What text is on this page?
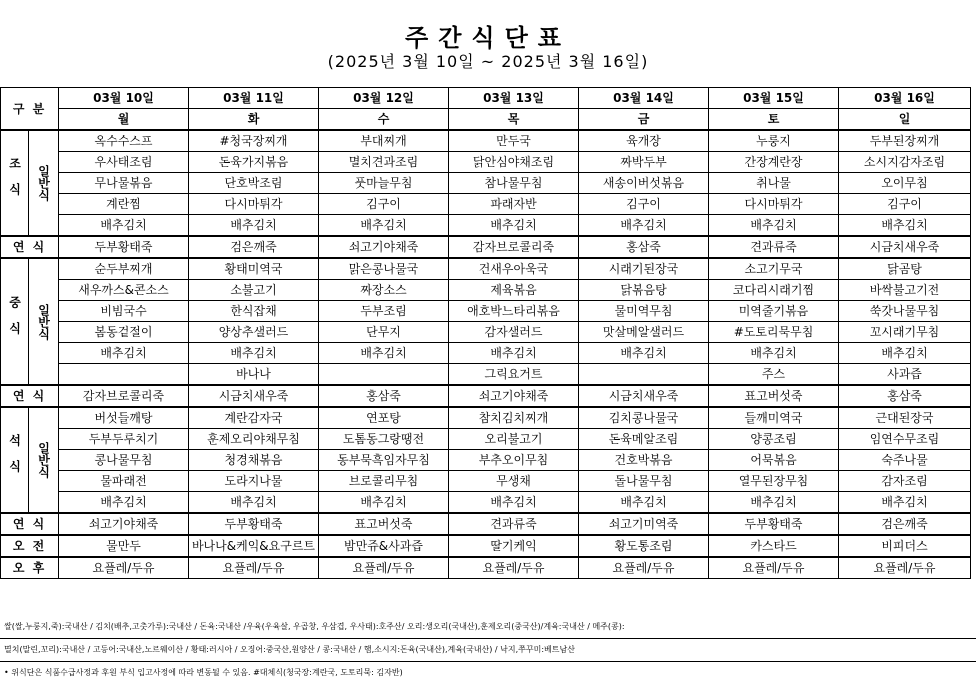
주간식단표
(2025년 3월 10일 ~ 2025년 3월 16일)
구 분		03월 10일	03월 11일	03월 12일	03월 13일	03월 14일	03월 15일	03월 16일
		월	화	수	목	금	토	일

조식	일반식	옥수수스프	#청국장찌개	부대찌개	만두국	육개장	누룽지	두부된장찌개
		우사태조림	돈육가지볶음	멸치견과조림	닭안심야채조림	짜박두부	간장계란장	소시지감자조림
		무나물볶음	단호박조림	풋마늘무침	참나물무침	새송이버섯볶음	취나물	오이무침
		계란찜	다시마튀각	김구이	파래자반	김구이	다시마튀각	김구이
		배추김치	배추김치	배추김치	배추김치	배추김치	배추김치	배추김치
연 식		두부황태죽	검은깨죽	쇠고기야채죽	감자브로콜리죽	홍삼죽	견과류죽	시금치새우죽

중식	일반식	순두부찌개	황태미역국	맑은콩나물국	건새우아욱국	시래기된장국	소고기무국	닭곰탕
		새우까스&콘소스	소불고기	짜장소스	제육볶음	닭볶음탕	코다리시래기찜	바싹불고기전
		비빔국수	한식잡채	두부조림	애호박느타리볶음	물미역무침	미역줄기볶음	쑥갓나물무침
		봄동겉절이	양상추샐러드	단무지	감자샐러드	맛살메알샐러드	#도토리묵무침	꼬시래기무침
		배추김치	배추김치	배추김치	배추김치	배추김치	배추김치	배추김치
			바나나		그릭요거트		주스	사과즙
연 식		감자브로콜리죽	시금치새우죽	홍삼죽	쇠고기야채죽	시금치새우죽	표고버섯죽	홍삼죽

석식	일반식	버섯들깨탕	계란감자국	연포탕	참치김치찌개	김치콩나물국	들깨미역국	근대된장국
		두부두루치기	훈제오리야채무침	도톰동그랑땡전	오리불고기	돈육메알조림	양콩조림	임연수무조림
		콩나물무침	청경채볶음	동부묵흑임자무침	부추오이무침	건호박볶음	어묵볶음	숙주나물
		물파래전	도라지나물	브로콜리무침	무생채	돌나물무침	열무된장무침	감자조림
		배추김치	배추김치	배추김치	배추김치	배추김치	배추김치	배추김치
연 식		쇠고기야채죽	두부황태죽	표고버섯죽	견과류죽	쇠고기미역죽	두부황태죽	검은깨죽
오 전		물만두	바나나&케익&요구르트	밤만쥬&사과즙	딸기케익	황도통조림	카스타드	비피더스
오 후		요플레/두유	요플레/두유	요플레/두유	요플레/두유	요플레/두유	요플레/두유	요플레/두유
쌀(쌀,누룽지,죽):국내산 / 김치(배추,고춧가루):국내산 / 돈육:국내산 /우육(우육살, 우곱창, 우삼겹, 우사태):호주산/ 오리:생오리(국내산),훈제오리(중국산)/계육:국내산 / 메주(콩):
멸치(말린,꼬리):국내산 / 고등어:국내산,노르웨이산 / 황태:러시아 / 오징어:중국산,원양산 / 콩:국내산 / 햄,소시지:돈육(국내산),계육(국내산) / 낙지,쭈꾸미:베트남산
• 위식단은 식품수급사정과 후원 부식 입고사정에 따라 변동될 수 있음. #대체식(청국장:계란국, 도토리묵: 김자반)
